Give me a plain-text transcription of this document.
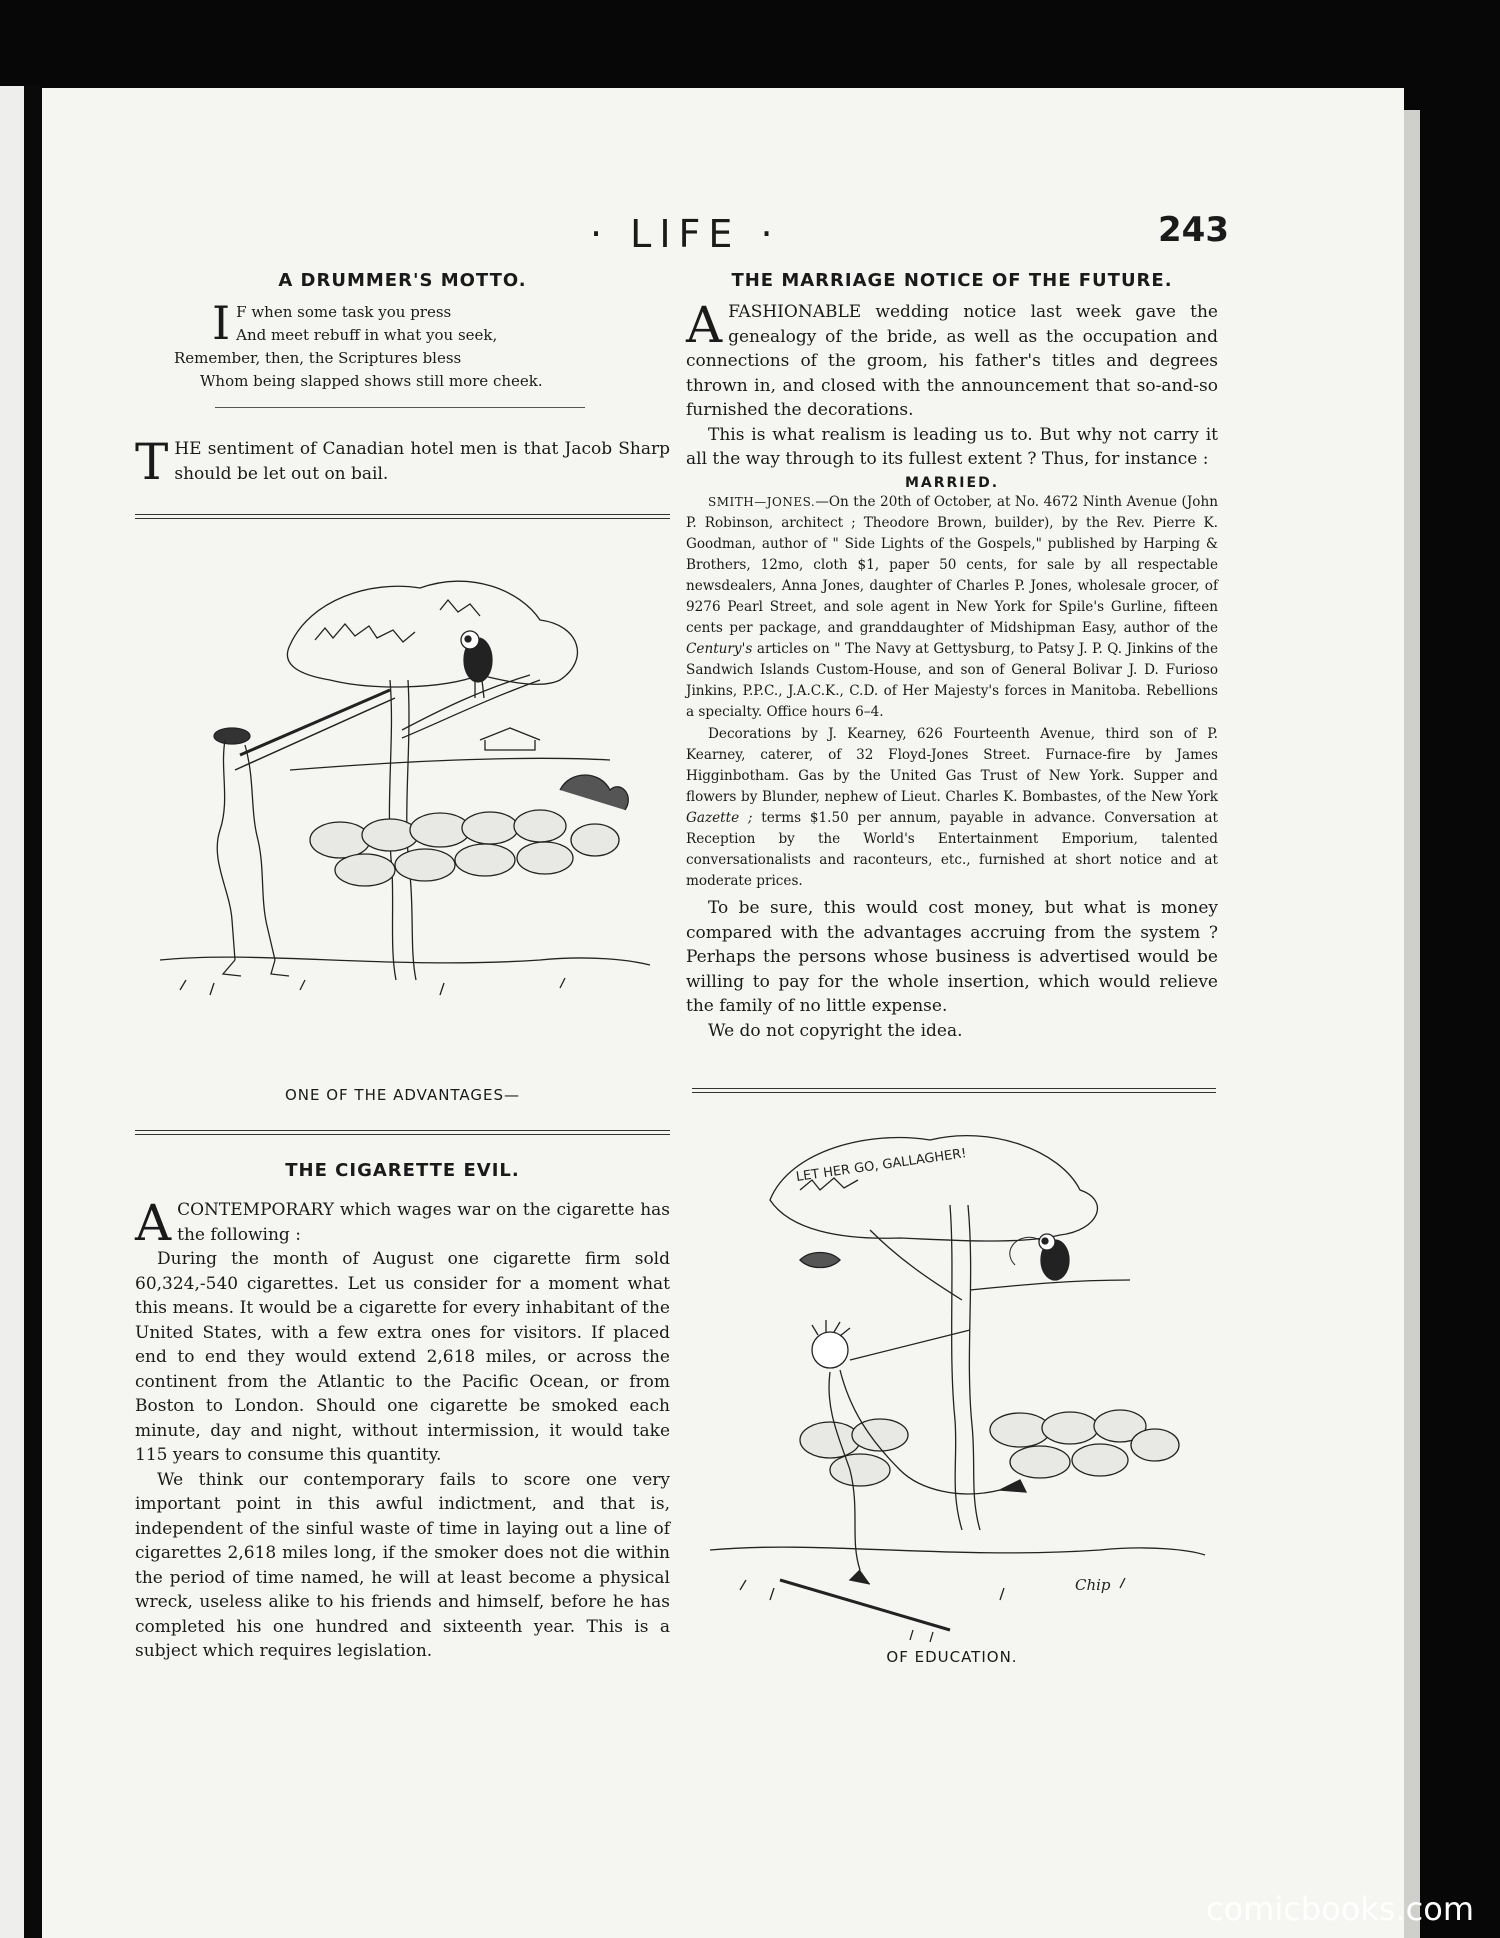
· LIFE ·	243
A DRUMMER'S MOTTO.
I F when some task you press
And meet rebuff in what you seek,
Remember, then, the Scriptures bless
Whom being slapped shows still more cheek.
T HE sentiment of Canadian hotel men is that Jacob Sharp should be let out on bail.
ONE OF THE ADVANTAGES—
THE CIGARETTE EVIL.

ACONTEMPORARY which wages war on the cigarette has the following :

During the month of August one cigarette firm sold 60,324,-540 cigarettes. Let us consider for a moment what this means. It would be a cigarette for every inhabitant of the United States, with a few extra ones for visitors. If placed end to end they would extend 2,618 miles, or across the continent from the Atlantic to the Pacific Ocean, or from Boston to London. Should one cigarette be smoked each minute, day and night, without intermission, it would take 115 years to consume this quantity.

We think our contemporary fails to score one very important point in this awful indictment, and that is, independent of the sinful waste of time in laying out a line of cigarettes 2,618 miles long, if the smoker does not die within the period of time named, he will at least become a physical wreck, useless alike to his friends and himself, before he has completed his one hundred and sixteenth year. This is a subject which requires legislation.

THE MARRIAGE NOTICE OF THE FUTURE.

AFASHIONABLE wedding notice last week gave the genealogy of the bride, as well as the occupation and connections of the groom, his father's titles and degrees thrown in, and closed with the announcement that so-and-so furnished the decorations.

This is what realism is leading us to. But why not carry it all the way through to its fullest extent ? Thus, for instance :

MARRIED.

SMITH—JONES.—On the 20th of October, at No. 4672 Ninth Avenue (John P. Robinson, architect ; Theodore Brown, builder), by the Rev. Pierre K. Goodman, author of " Side Lights of the Gospels," published by Harping & Brothers, 12mo, cloth $1, paper 50 cents, for sale by all respectable newsdealers, Anna Jones, daughter of Charles P. Jones, wholesale grocer, of 9276 Pearl Street, and sole agent in New York for Spile's Gurline, fifteen cents per package, and granddaughter of Midshipman Easy, author of the Century's articles on " The Navy at Gettysburg, to Patsy J. P. Q. Jinkins of the Sandwich Islands Custom-House, and son of General Bolivar J. D. Furioso Jinkins, P.P.C., J.A.C.K., C.D. of Her Majesty's forces in Manitoba. Rebellions a specialty. Office hours 6–4.

Decorations by J. Kearney, 626 Fourteenth Avenue, third son of P. Kearney, caterer, of 32 Floyd-Jones Street. Furnace-fire by James Higginbotham. Gas by the United Gas Trust of New York. Supper and flowers by Blunder, nephew of Lieut. Charles K. Bombastes, of the New York Gazette ; terms $1.50 per annum, payable in advance. Conversation at Reception by the World's Entertainment Emporium, talented conversationalists and raconteurs, etc., furnished at short notice and at moderate prices.

To be sure, this would cost money, but what is money compared with the advantages accruing from the system ? Perhaps the persons whose business is advertised would be willing to pay for the whole insertion, which would relieve the family of no little expense.

We do not copyright the idea.

LET HER GO, GALLAGHER!
Chip
OF EDUCATION.
comicbooks.com
